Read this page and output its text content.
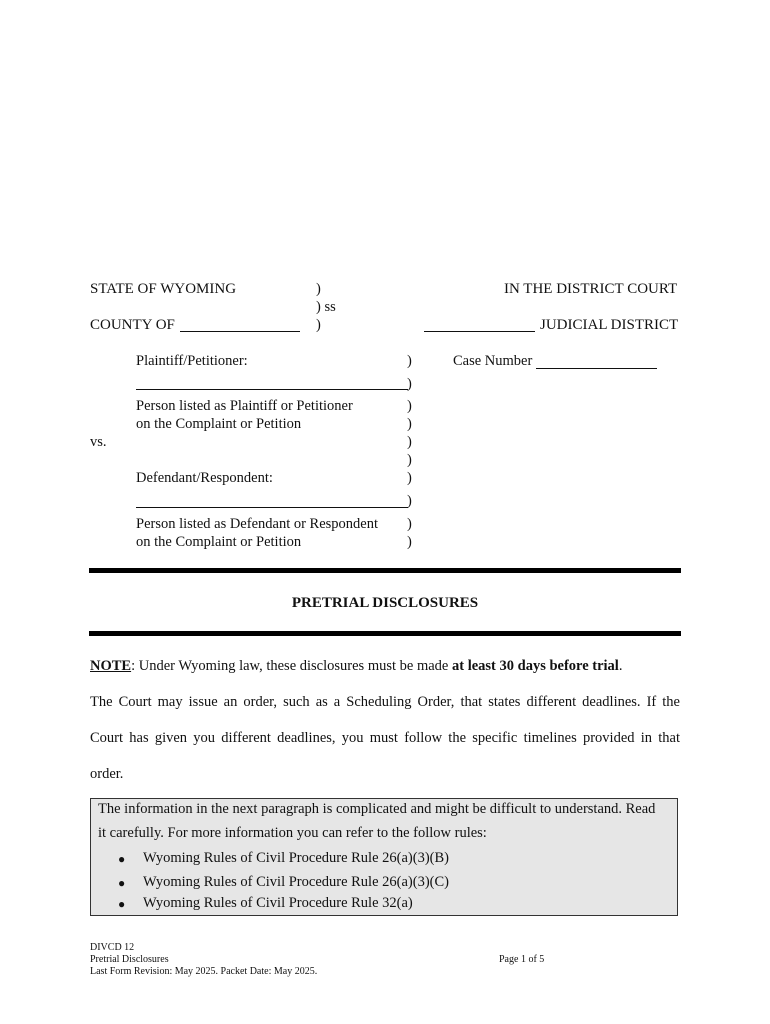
STATE OF WYOMING	)	IN THE DISTRICT COURT
) ss
COUNTY OF	)	JUDICIAL DISTRICT
Plaintiff/Petitioner:	)	Case Number
)
Person listed as Plaintiff or Petitioner	)
on the Complaint or Petition	)
vs.	)
)
Defendant/Respondent:	)
)
Person listed as Defendant or Respondent )
on the Complaint or Petition	)
PRETRIAL DISCLOSURES
NOTE: Under Wyoming law, these disclosures must be made at least 30 days before trial.
The Court may issue an order, such as a Scheduling Order, that states different deadlines. If the
Court has given you different deadlines, you must follow the specific timelines provided in that
order.
The information in the next paragraph is complicated and might be difficult to understand. Read
it carefully. For more information you can refer to the follow rules:
● Wyoming Rules of Civil Procedure Rule 26(a)(3)(B)
● Wyoming Rules of Civil Procedure Rule 26(a)(3)(C)
● Wyoming Rules of Civil Procedure Rule 32(a)
DIVCD 12
Pretrial Disclosures
Last Form Revision: May 2025. Packet Date: May 2025.
Page 1 of 5
